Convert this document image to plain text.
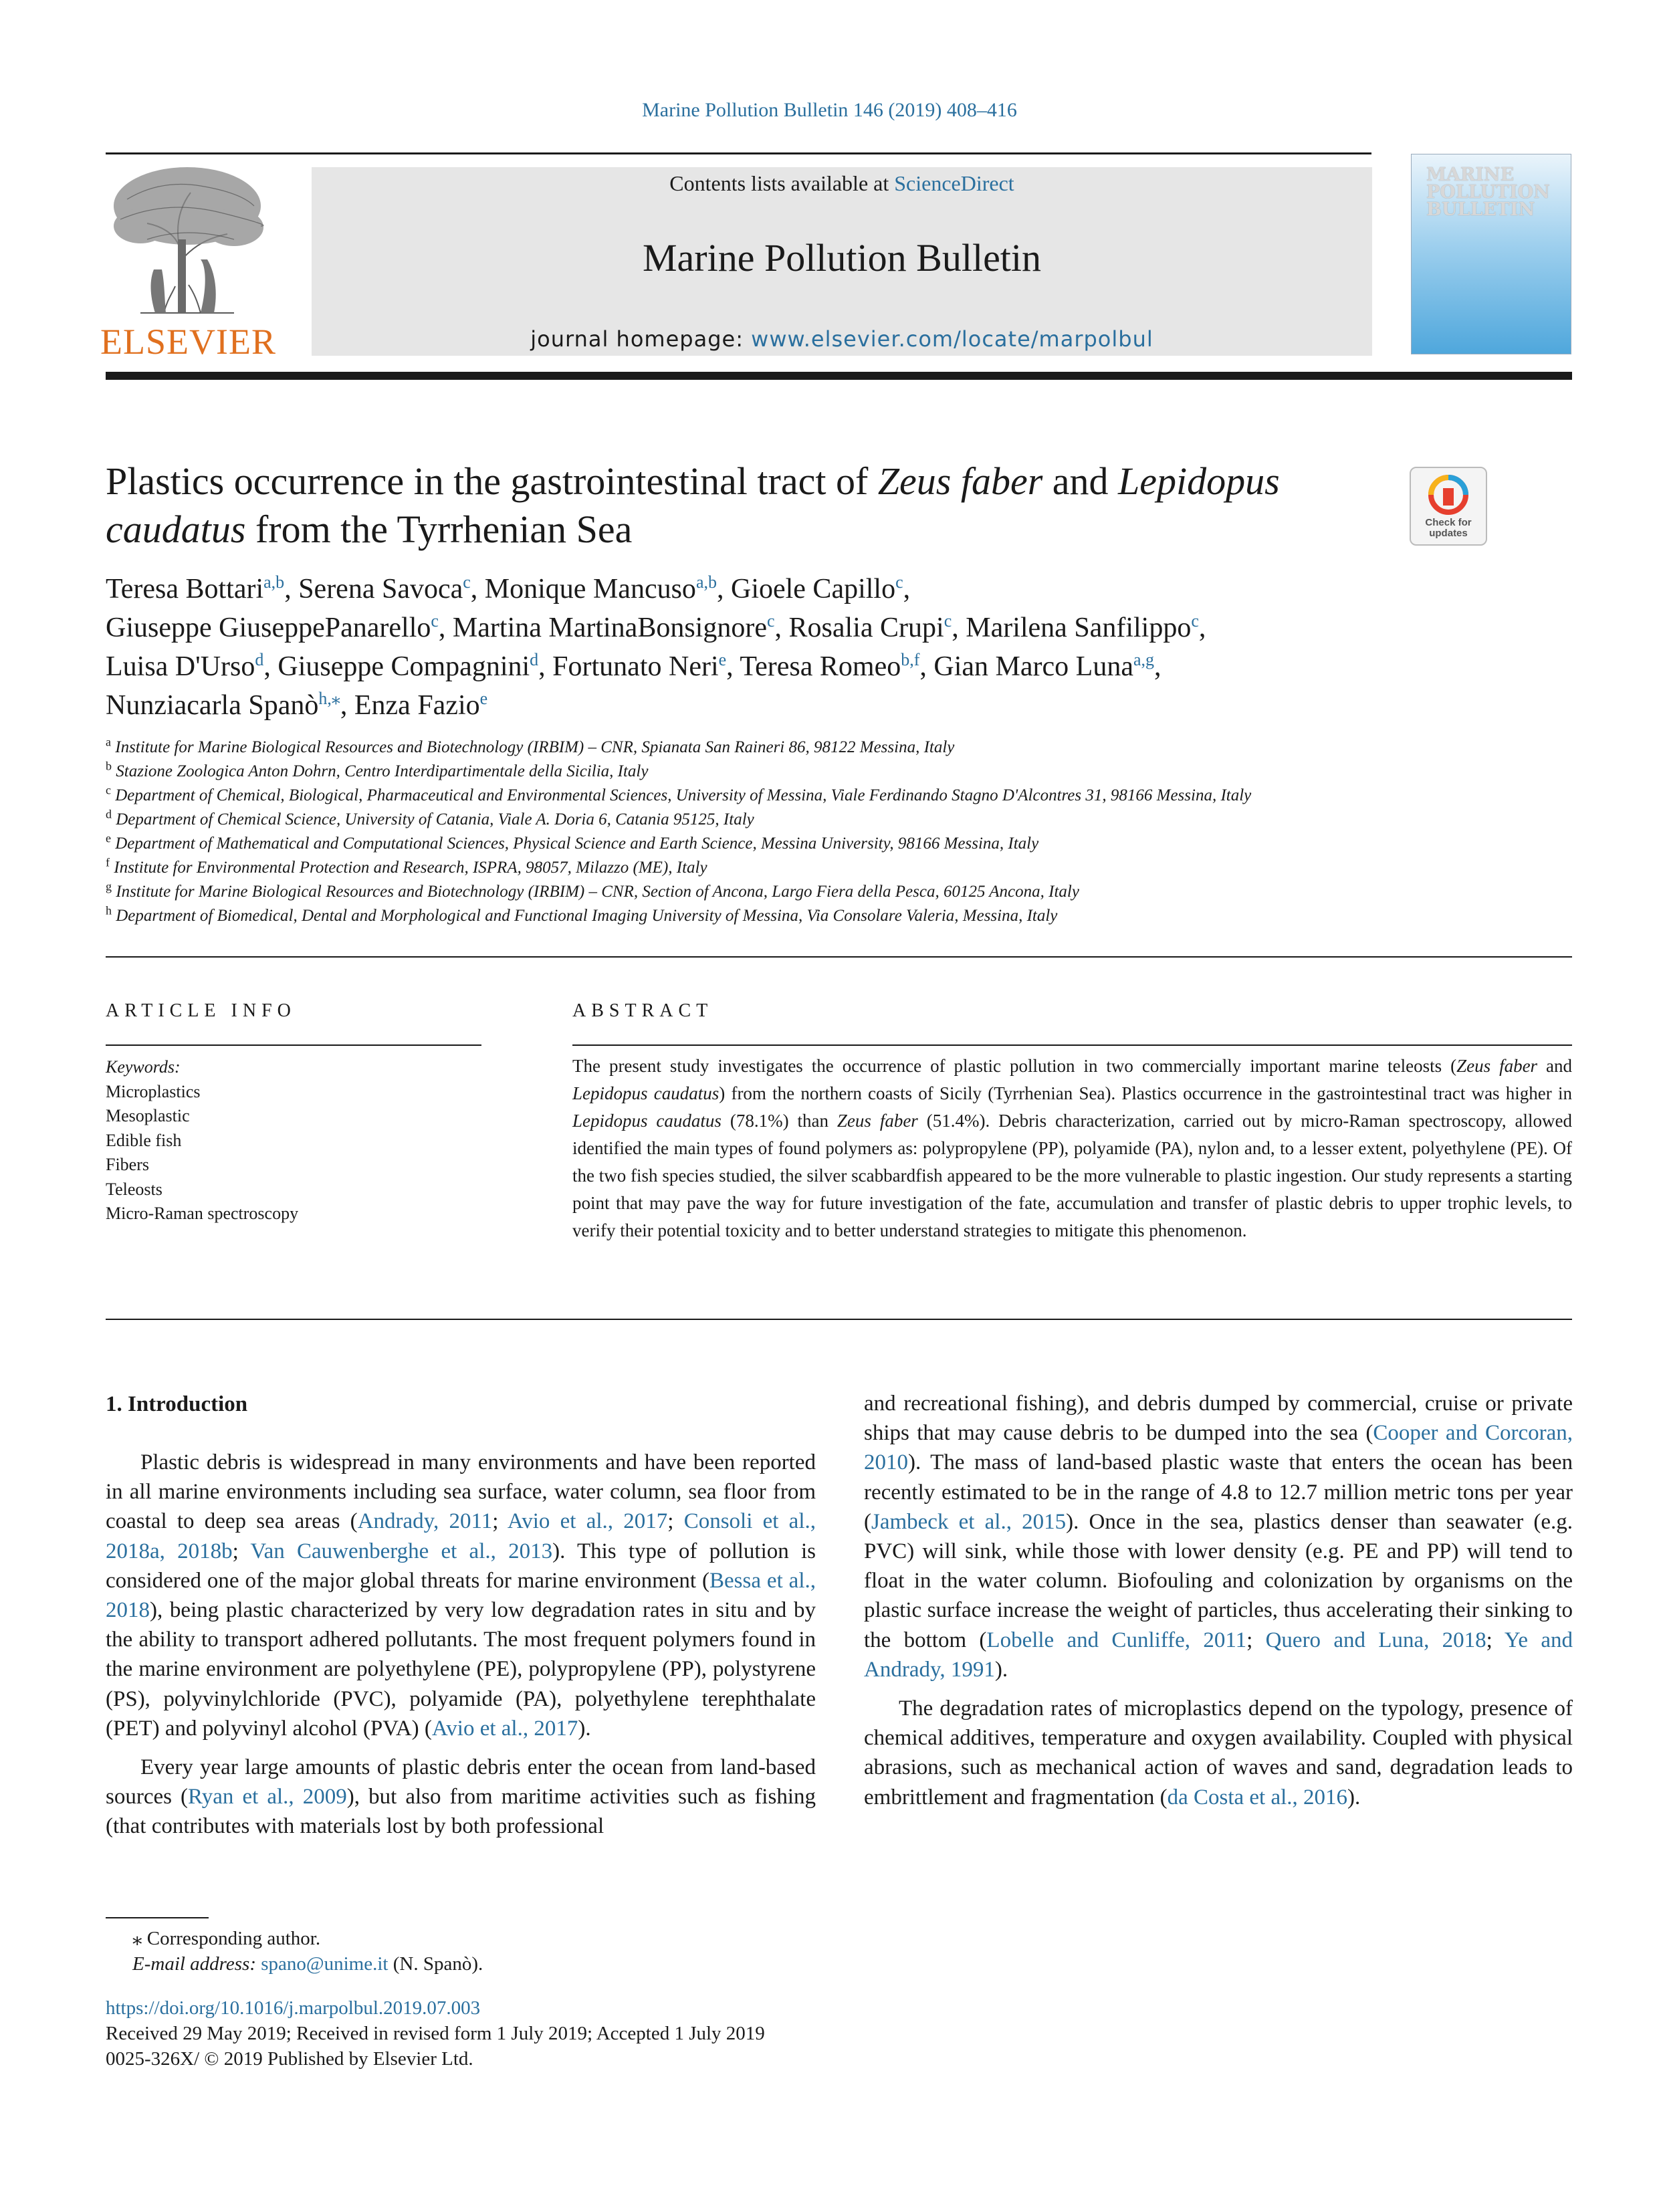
Marine Pollution Bulletin 146 (2019) 408–416
ELSEVIER
Contents lists available at ScienceDirect
Marine Pollution Bulletin
journal homepage: www.elsevier.com/locate/marpolbul
MARINE
POLLUTION
BULLETIN
Plastics occurrence in the gastrointestinal tract of Zeus faber and Lepidopus caudatus from the Tyrrhenian Sea	Check for
updates
Teresa Bottari$^{a,b}$, Serena Savoca$^c$, Monique Mancuso$^{a,b}$, Gioele Capillo$^c$,
Giuseppe GiuseppePanarello$^c$, Martina MartinaBonsignore$^c$, Rosalia Crupi$^c$, Marilena Sanfilippo$^c$,
Luisa D'Urso$^d$, Giuseppe Compagnini$^d$, Fortunato Neri$^e$, Teresa Romeo$^{b,f}$, Gian Marco Luna$^{a,g}$,
Nunziacarla Spanò$^{h,⁎}$, Enza Fazio$^e$
$^a$ Institute for Marine Biological Resources and Biotechnology (IRBIM) – CNR, Spianata San Raineri 86, 98122 Messina, Italy
$^b$ Stazione Zoologica Anton Dohrn, Centro Interdipartimentale della Sicilia, Italy
$^c$ Department of Chemical, Biological, Pharmaceutical and Environmental Sciences, University of Messina, Viale Ferdinando Stagno D'Alcontres 31, 98166 Messina, Italy
$^d$ Department of Chemical Science, University of Catania, Viale A. Doria 6, Catania 95125, Italy
$^e$ Department of Mathematical and Computational Sciences, Physical Science and Earth Science, Messina University, 98166 Messina, Italy
$^f$ Institute for Environmental Protection and Research, ISPRA, 98057, Milazzo (ME), Italy
$^g$ Institute for Marine Biological Resources and Biotechnology (IRBIM) – CNR, Section of Ancona, Largo Fiera della Pesca, 60125 Ancona, Italy
$^h$ Department of Biomedical, Dental and Morphological and Functional Imaging University of Messina, Via Consolare Valeria, Messina, Italy
ARTICLE INFO	ABSTRACT
Keywords:
Microplastics
Mesoplastic
Edible fish
Fibers
Teleosts
Micro-Raman spectroscopy
The present study investigates the occurrence of plastic pollution in two commercially important marine teleosts (Zeus faber and Lepidopus caudatus) from the northern coasts of Sicily (Tyrrhenian Sea). Plastics occurrence in the gastrointestinal tract was higher in Lepidopus caudatus (78.1%) than Zeus faber (51.4%). Debris characterization, carried out by micro-Raman spectroscopy, allowed identified the main types of found polymers as: polypropylene (PP), polyamide (PA), nylon and, to a lesser extent, polyethylene (PE). Of the two fish species studied, the silver scabbardfish appeared to be the more vulnerable to plastic ingestion. Our study represents a starting point that may pave the way for future investigation of the fate, accumulation and transfer of plastic debris to upper trophic levels, to verify their potential toxicity and to better understand strategies to mitigate this phenomenon.
1. Introduction

Plastic debris is widespread in many environments and have been reported in all marine environments including sea surface, water column, sea floor from coastal to deep sea areas (Andrady, 2011; Avio et al., 2017; Consoli et al., 2018a, 2018b; Van Cauwenberghe et al., 2013). This type of pollution is considered one of the major global threats for marine environment (Bessa et al., 2018), being plastic characterized by very low degradation rates in situ and by the ability to transport adhered pollutants. The most frequent polymers found in the marine environment are polyethylene (PE), polypropylene (PP), polystyrene (PS), polyvinylchloride (PVC), polyamide (PA), polyethylene terephthalate (PET) and polyvinyl alcohol (PVA) (Avio et al., 2017).

Every year large amounts of plastic debris enter the ocean from land-based sources (Ryan et al., 2009), but also from maritime activities such as fishing (that contributes with materials lost by both professional

and recreational fishing), and debris dumped by commercial, cruise or private ships that may cause debris to be dumped into the sea (Cooper and Corcoran, 2010). The mass of land-based plastic waste that enters the ocean has been recently estimated to be in the range of 4.8 to 12.7 million metric tons per year (Jambeck et al., 2015). Once in the sea, plastics denser than seawater (e.g. PVC) will sink, while those with lower density (e.g. PE and PP) will tend to float in the water column. Biofouling and colonization by organisms on the plastic surface increase the weight of particles, thus accelerating their sinking to the bottom (Lobelle and Cunliffe, 2011; Quero and Luna, 2018; Ye and Andrady, 1991).

The degradation rates of microplastics depend on the typology, presence of chemical additives, temperature and oxygen availability. Coupled with physical abrasions, such as mechanical action of waves and sand, degradation leads to embrittlement and fragmentation (da Costa et al., 2016).

⁎ Corresponding author.
E-mail address: spano@unime.it (N. Spanò).
https://doi.org/10.1016/j.marpolbul.2019.07.003
Received 29 May 2019; Received in revised form 1 July 2019; Accepted 1 July 2019
0025-326X/ © 2019 Published by Elsevier Ltd.
